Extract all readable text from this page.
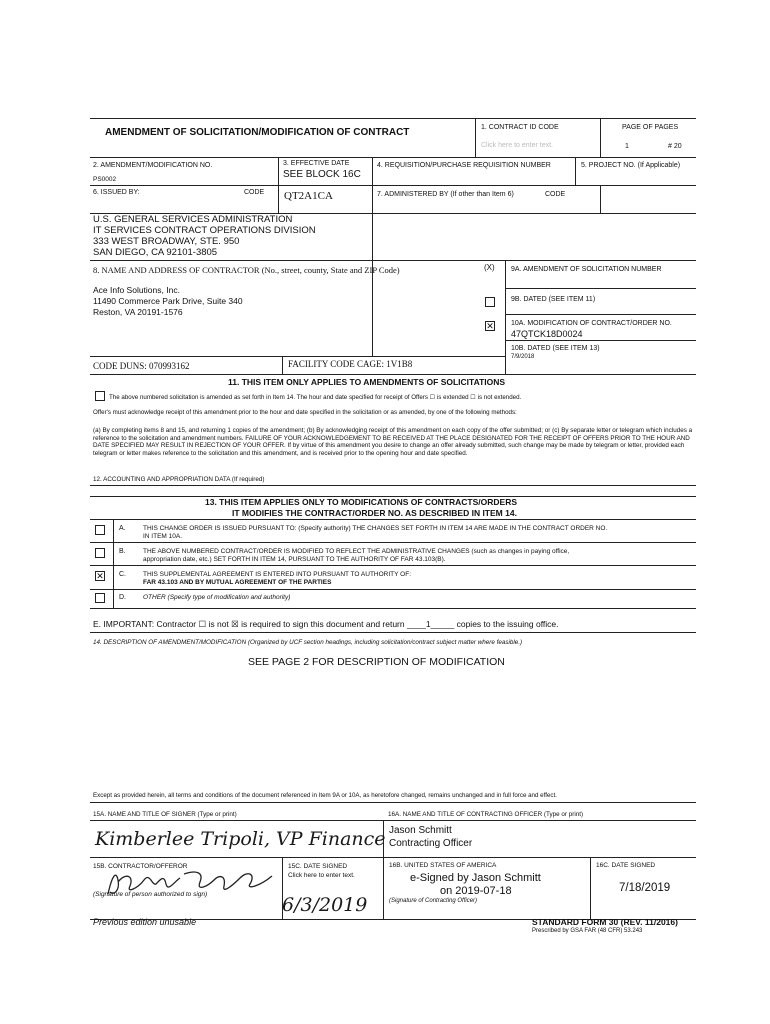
AMENDMENT OF SOLICITATION/MODIFICATION OF CONTRACT	1. CONTRACT ID CODE
Click here to enter text.
PAGE OF PAGES
1	# 20
2. AMENDMENT/MODIFICATION NO.
PS0002
3. EFFECTIVE DATE
SEE BLOCK 16C
4. REQUISITION/PURCHASE REQUISITION NUMBER	5. PROJECT NO. (If Applicable)
6. ISSUED BY:	CODE QT2A1CA	7. ADMINISTERED BY (If other than Item 6)	CODE
U.S. GENERAL SERVICES ADMINISTRATION
IT SERVICES CONTRACT OPERATIONS DIVISION
333 WEST BROADWAY, STE. 950
SAN DIEGO, CA 92101-3805
8. NAME AND ADDRESS OF CONTRACTOR (No., street, county, State and ZIP Code)
Ace Info Solutions, Inc.
11490 Commerce Park Drive, Suite 340
Reston, VA 20191-1576
(X) 9A. AMENDMENT OF SOLICITATION NUMBER
9B. DATED (SEE ITEM 11)
✕ 10A. MODIFICATION OF CONTRACT/ORDER NO.
47QTCK18D0024
10B. DATED (SEE ITEM 13)
7/9/2018
CODE DUNS: 070993162	FACILITY CODE CAGE: 1V1B8
11. THIS ITEM ONLY APPLIES TO AMENDMENTS OF SOLICITATIONS
The above numbered solicitation is amended as set forth in Item 14. The hour and date specified for receipt of Offers ☐ is extended ☐ is not extended.
Offer's must acknowledge receipt of this amendment prior to the hour and date specified in the solicitation or as amended, by one of the following methods:
(a) By completing items 8 and 15, and returning 1 copies of the amendment; (b) By acknowledging receipt of this amendment on each copy of the offer submitted; or (c) By separate letter or telegram which includes a reference to the solicitation and amendment numbers. FAILURE OF YOUR ACKNOWLEDGEMENT TO BE RECEIVED AT THE PLACE DESIGNATED FOR THE RECEIPT OF OFFERS PRIOR TO THE HOUR AND DATE SPECIFIED MAY RESULT IN REJECTION OF YOUR OFFER. If by virtue of this amendment you desire to change an offer already submitted, such change may be made by telegram or letter, provided each telegram or letter makes reference to the solicitation and this amendment, and is received prior to the opening hour and date specified.
12. ACCOUNTING AND APPROPRIATION DATA (If required)
13. THIS ITEM APPLIES ONLY TO MODIFICATIONS OF CONTRACTS/ORDERS
IT MODIFIES THE CONTRACT/ORDER NO. AS DESCRIBED IN ITEM 14.
A.	THIS CHANGE ORDER IS ISSUED PURSUANT TO: (Specify authority) THE CHANGES SET FORTH IN ITEM 14 ARE MADE IN THE CONTRACT ORDER NO.
IN ITEM 10A.
B.	THE ABOVE NUMBERED CONTRACT/ORDER IS MODIFIED TO REFLECT THE ADMINISTRATIVE CHANGES (such as changes in paying office,
appropriation date, etc.) SET FORTH IN ITEM 14, PURSUANT TO THE AUTHORITY OF FAR 43.103(B).
✕ C.	THIS SUPPLEMENTAL AGREEMENT IS ENTERED INTO PURSUANT TO AUTHORITY OF:
FAR 43.103 AND BY MUTUAL AGREEMENT OF THE PARTIES
D.	OTHER (Specify type of modification and authority)
E. IMPORTANT: Contractor ☐ is not ☒ is required to sign this document and return ____1_____ copies to the issuing office.
14. DESCRIPTION OF AMENDMENT/MODIFICATION (Organized by UCF section headings, including solicitation/contract subject matter where feasible.)
SEE PAGE 2 FOR DESCRIPTION OF MODIFICATION
Except as provided herein, all terms and conditions of the document referenced in Item 9A or 10A, as heretofore changed, remains unchanged and in full force and effect.
15A. NAME AND TITLE OF SIGNER (Type or print)
Kimberlee Tripoli, VP Finance
16A. NAME AND TITLE OF CONTRACTING OFFICER (Type or print)
Jason Schmitt
Contracting Officer
15B. CONTRACTOR/OFFEROR
(Signature of person authorized to sign)
15C. DATE SIGNED
Click here to enter text.
6/3/2019
16B. UNITED STATES OF AMERICA
e-Signed by Jason Schmitt
on 2019-07-18
(Signature of Contracting Officer)
16C. DATE SIGNED
7/18/2019
Previous edition unusable	STANDARD FORM 30 (REV. 11/2016)
Prescribed by GSA FAR (48 CFR) 53.243
